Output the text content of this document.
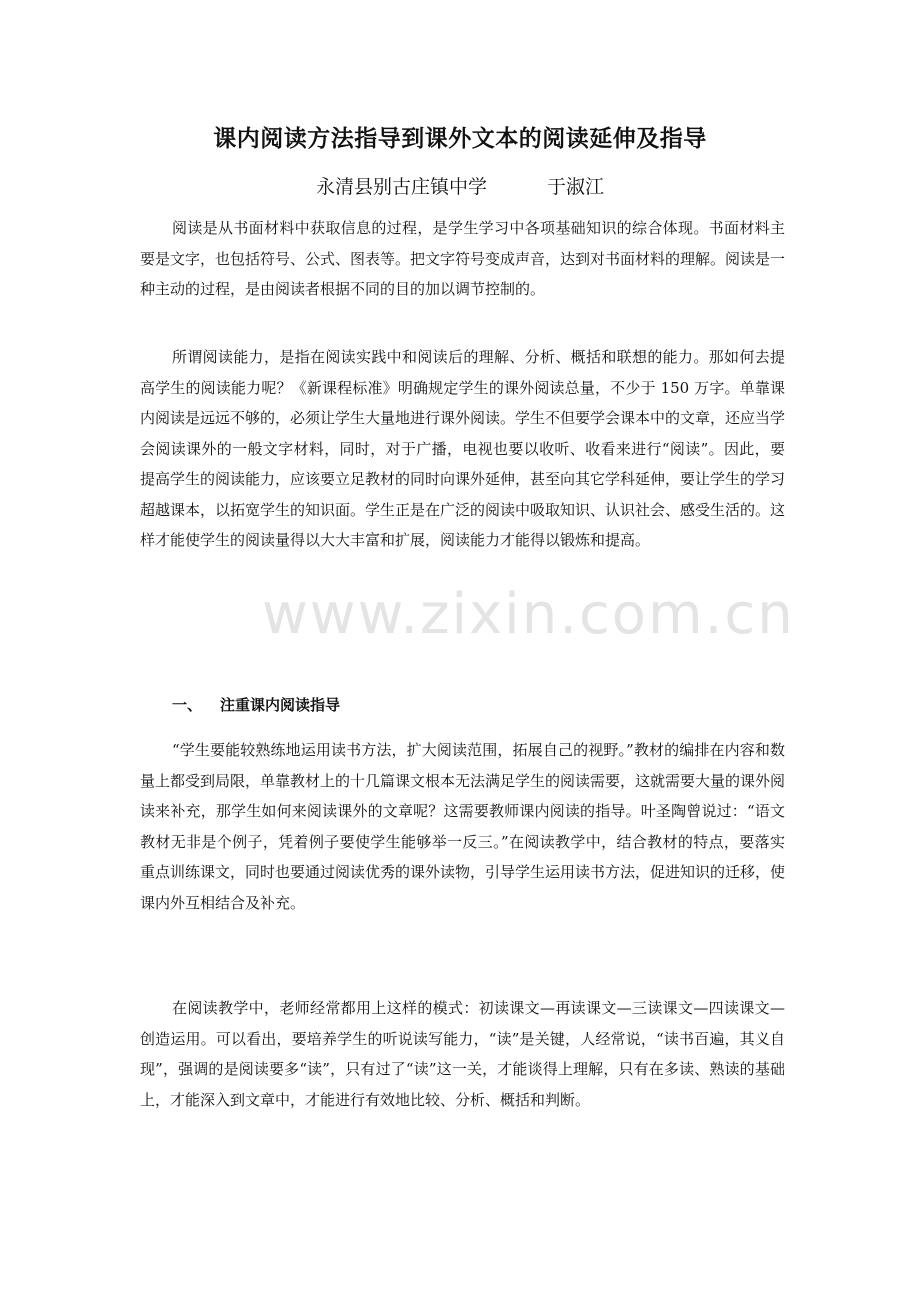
www.zixin.com.cn
课内阅读方法指导到课外文本的阅读延伸及指导
永清县别古庄镇中学	于淑江

阅读是从书面材料中获取信息的过程，是学生学习中各项基础知识的综合体现。书面材料主要是文字，也包括符号、公式、图表等。把文字符号变成声音，达到对书面材料的理解。阅读是一种主动的过程，是由阅读者根据不同的目的加以调节控制的。

所谓阅读能力，是指在阅读实践中和阅读后的理解、分析、概括和联想的能力。那如何去提高学生的阅读能力呢？《新课程标准》明确规定学生的课外阅读总量，不少于 150 万字。单靠课内阅读是远远不够的，必须让学生大量地进行课外阅读。学生不但要学会课本中的文章，还应当学会阅读课外的一般文字材料，同时，对于广播，电视也要以收听、收看来进行“阅读”。因此，要提高学生的阅读能力，应该要立足教材的同时向课外延伸，甚至向其它学科延伸，要让学生的学习超越课本，以拓宽学生的知识面。学生正是在广泛的阅读中吸取知识、认识社会、感受生活的。这样才能使学生的阅读量得以大大丰富和扩展，阅读能力才能得以锻炼和提高。

一、 注重课内阅读指导

“学生要能较熟练地运用读书方法，扩大阅读范围，拓展自己的视野。”教材的编排在内容和数量上都受到局限，单靠教材上的十几篇课文根本无法满足学生的阅读需要，这就需要大量的课外阅读来补充，那学生如何来阅读课外的文章呢？这需要教师课内阅读的指导。叶圣陶曾说过：“语文教材无非是个例子，凭着例子要使学生能够举一反三。”在阅读教学中，结合教材的特点，要落实重点训练课文，同时也要通过阅读优秀的课外读物，引导学生运用读书方法，促进知识的迁移，使课内外互相结合及补充。

在阅读教学中，老师经常都用上这样的模式：初读课文—再读课文—三读课文—四读课文—创造运用。可以看出，要培养学生的听说读写能力，“读”是关键，人经常说，“读书百遍，其义自现”，强调的是阅读要多“读”，只有过了“读”这一关，才能谈得上理解，只有在多读、熟读的基础上，才能深入到文章中，才能进行有效地比较、分析、概括和判断。
